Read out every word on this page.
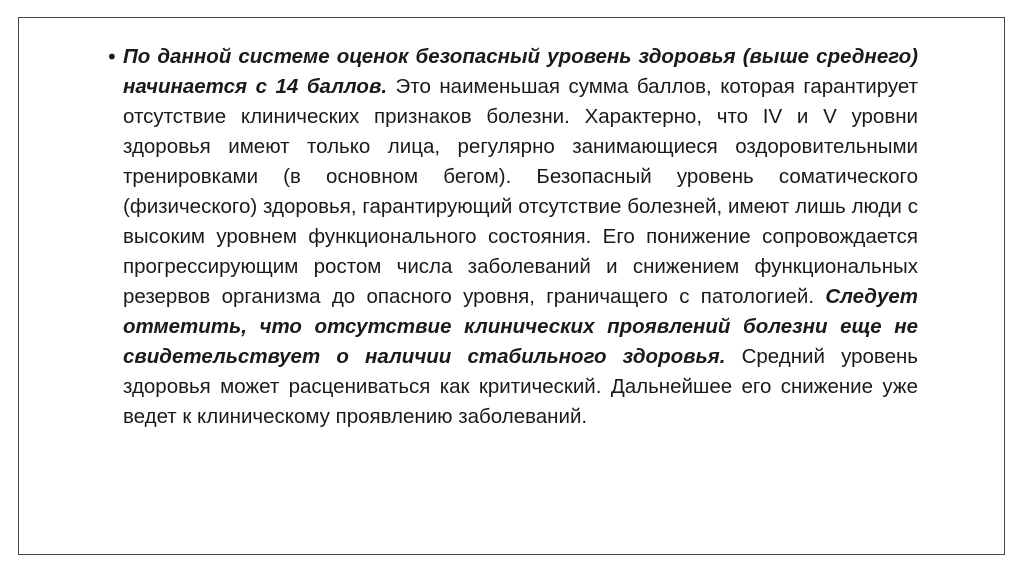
• По данной системе оценок безопасный уровень здоровья (выше среднего) начинается с 14 баллов. Это наименьшая сумма баллов, которая гарантирует отсутствие клинических признаков болезни. Характерно, что IV и V уровни здоровья имеют только лица, регулярно занимающиеся оздоровительными тренировками (в основном бегом). Безопасный уровень соматического (физического) здоровья, гарантирующий отсутствие болезней, имеют лишь люди с высоким уровнем функционального состояния. Его понижение сопровождается прогрессирующим ростом числа заболеваний и снижением функциональных резервов организма до опасного уровня, граничащего с патологией. Следует отметить, что отсутствие клинических проявлений болезни еще не свидетельствует о наличии стабильного здоровья. Средний уровень здоровья может расцениваться как критический. Дальнейшее его снижение уже ведет к клиническому проявлению заболеваний.
